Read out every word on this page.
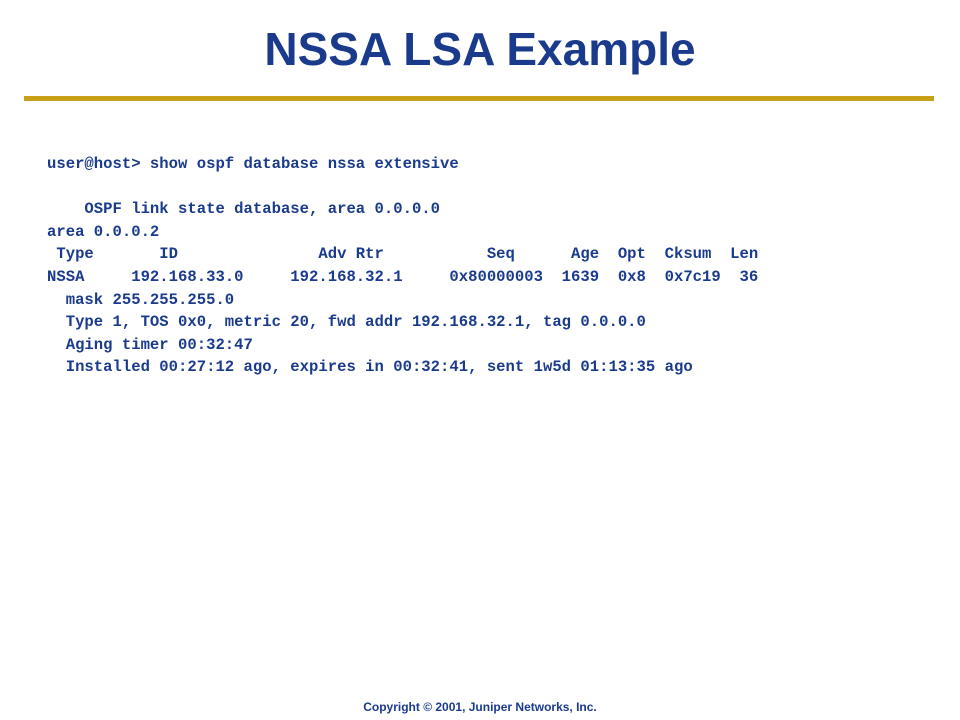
NSSA LSA Example
user@host> show ospf database nssa extensive
OSPF link state database, area 0.0.0.0
area 0.0.0.2
Type       ID               Adv Rtr           Seq      Age  Opt  Cksum  Len
NSSA     192.168.33.0     192.168.32.1     0x80000003  1639  0x8  0x7c19  36
mask 255.255.255.0
Type 1, TOS 0x0, metric 20, fwd addr 192.168.32.1, tag 0.0.0.0
Aging timer 00:32:47
Installed 00:27:12 ago, expires in 00:32:41, sent 1w5d 01:13:35 ago
Copyright © 2001, Juniper Networks, Inc.
